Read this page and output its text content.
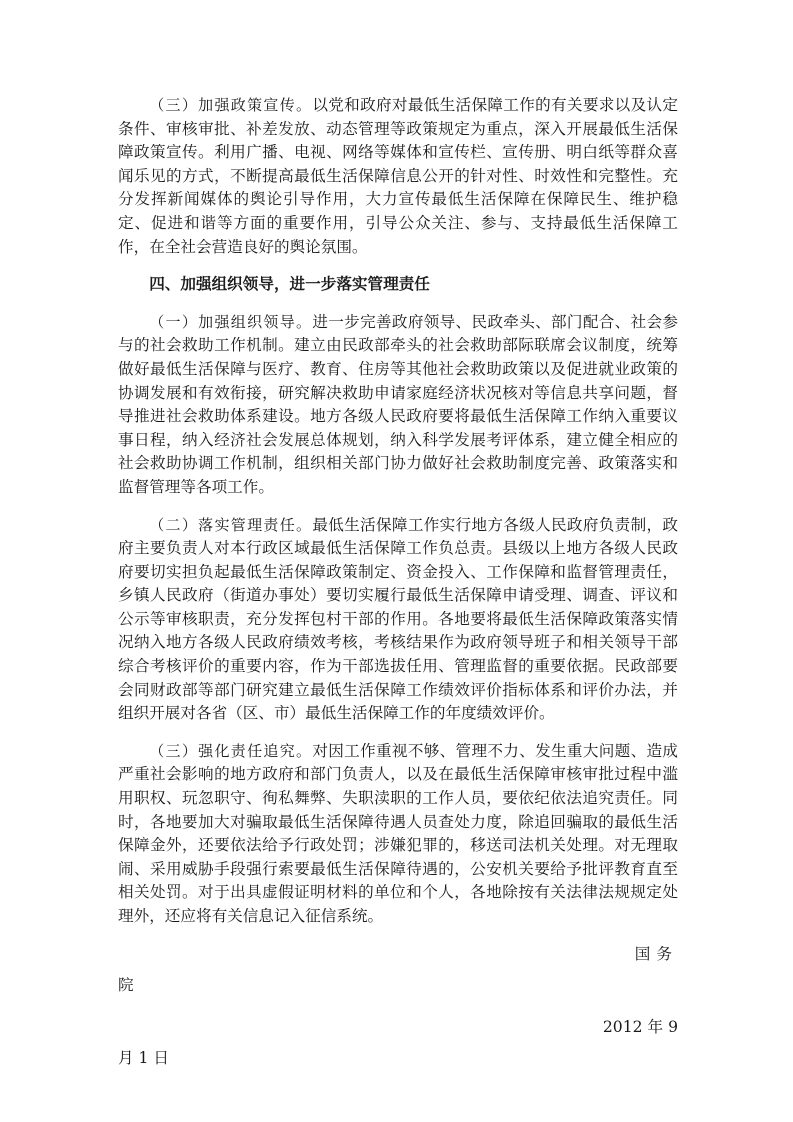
（三）加强政策宣传。以党和政府对最低生活保障工作的有关要求以及认定条件、审核审批、补差发放、动态管理等政策规定为重点，深入开展最低生活保障政策宣传。利用广播、电视、网络等媒体和宣传栏、宣传册、明白纸等群众喜闻乐见的方式，不断提高最低生活保障信息公开的针对性、时效性和完整性。充分发挥新闻媒体的舆论引导作用，大力宣传最低生活保障在保障民生、维护稳定、促进和谐等方面的重要作用，引导公众关注、参与、支持最低生活保障工作，在全社会营造良好的舆论氛围。

四、加强组织领导，进一步落实管理责任

（一）加强组织领导。进一步完善政府领导、民政牵头、部门配合、社会参与的社会救助工作机制。建立由民政部牵头的社会救助部际联席会议制度，统筹做好最低生活保障与医疗、教育、住房等其他社会救助政策以及促进就业政策的协调发展和有效衔接，研究解决救助申请家庭经济状况核对等信息共享问题，督导推进社会救助体系建设。地方各级人民政府要将最低生活保障工作纳入重要议事日程，纳入经济社会发展总体规划，纳入科学发展考评体系，建立健全相应的社会救助协调工作机制，组织相关部门协力做好社会救助制度完善、政策落实和监督管理等各项工作。

（二）落实管理责任。最低生活保障工作实行地方各级人民政府负责制，政府主要负责人对本行政区域最低生活保障工作负总责。县级以上地方各级人民政府要切实担负起最低生活保障政策制定、资金投入、工作保障和监督管理责任，乡镇人民政府（街道办事处）要切实履行最低生活保障申请受理、调查、评议和公示等审核职责，充分发挥包村干部的作用。各地要将最低生活保障政策落实情况纳入地方各级人民政府绩效考核，考核结果作为政府领导班子和相关领导干部综合考核评价的重要内容，作为干部选拔任用、管理监督的重要依据。民政部要会同财政部等部门研究建立最低生活保障工作绩效评价指标体系和评价办法，并组织开展对各省（区、市）最低生活保障工作的年度绩效评价。

（三）强化责任追究。对因工作重视不够、管理不力、发生重大问题、造成严重社会影响的地方政府和部门负责人，以及在最低生活保障审核审批过程中滥用职权、玩忽职守、徇私舞弊、失职渎职的工作人员，要依纪依法追究责任。同时，各地要加大对骗取最低生活保障待遇人员查处力度，除追回骗取的最低生活保障金外，还要依法给予行政处罚；涉嫌犯罪的，移送司法机关处理。对无理取闹、采用威胁手段强行索要最低生活保障待遇的，公安机关要给予批评教育直至相关处罚。对于出具虚假证明材料的单位和个人，各地除按有关法律法规规定处理外，还应将有关信息记入征信系统。

国务

院

2012 年 9

月 1 日
